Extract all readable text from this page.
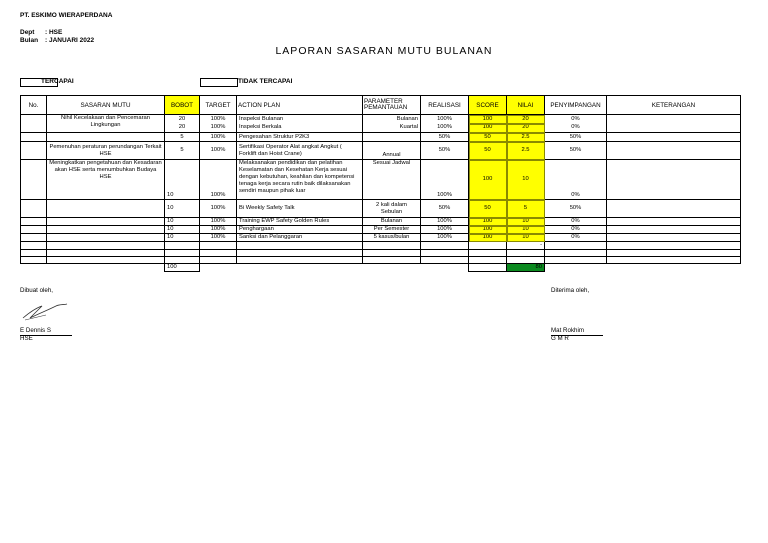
PT. ESKIMO WIERAPERDANA
Dept : HSE
Bulan : JANUARI 2022
LAPORAN SASARAN MUTU BULANAN
TERCAPAI	TIDAK TERCAPAI
No.	SASARAN MUTU	BOBOT	TARGET	ACTION PLAN	PARAMETER PEMANTAUAN	REALISASI	SCORE	NILAI	PENYIMPANGAN	KETERANGAN
	Nihil Kecelakaan dan Pencemaran Lingkungan	20	100%	Inspeksi Bulanan	Bulanan	100%	100	20	0%	
		20	100%	Inspeksi Berkala	Kuartal	100%	100	20	0%	
		5	100%	Pengesahan Struktur P2K3		50%	50	2.5	50%	
	Pemenuhan peraturan perundangan Terkait HSE	5	100%	Sertifikasi Operator Alat angkat Angkut ( Forklift dan Hoist Crane)	Annual	50%	50	2.5	50%	
	Meningkatkan pengetahuan dan Kesadaran akan HSE serta menumbuhkan Budaya HSE	10	100%	Melaksanakan pendidikan dan pelatihan Keselamatan dan Kesehatan Kerja sesuai dengan kebutuhan, keahlian dan kompetensi tenaga kerja secara rutin baik dilaksanakan sendiri maupun pihak luar	Sesuai Jadwal	100%	100	10	0%	
		10	100%	Bi Weekly Safety Talk	2 kali dalam Sebulan	50%	50	5	50%	
		10	100%	Training EWP Safety Golden Rules	Bulanan	100%	100	10	0%	
		10	100%	Penghargaan	Per Semester	100%	100	10	0%	
		10	100%	Sanksi dan Pelanggaran	5 kasus/bulan	100%	100	10	0%	
								-		

		100						80		
Dibuat oleh,	Diterima oleh,
E Dennis S
HSE
Mat Rokhim
G M R
